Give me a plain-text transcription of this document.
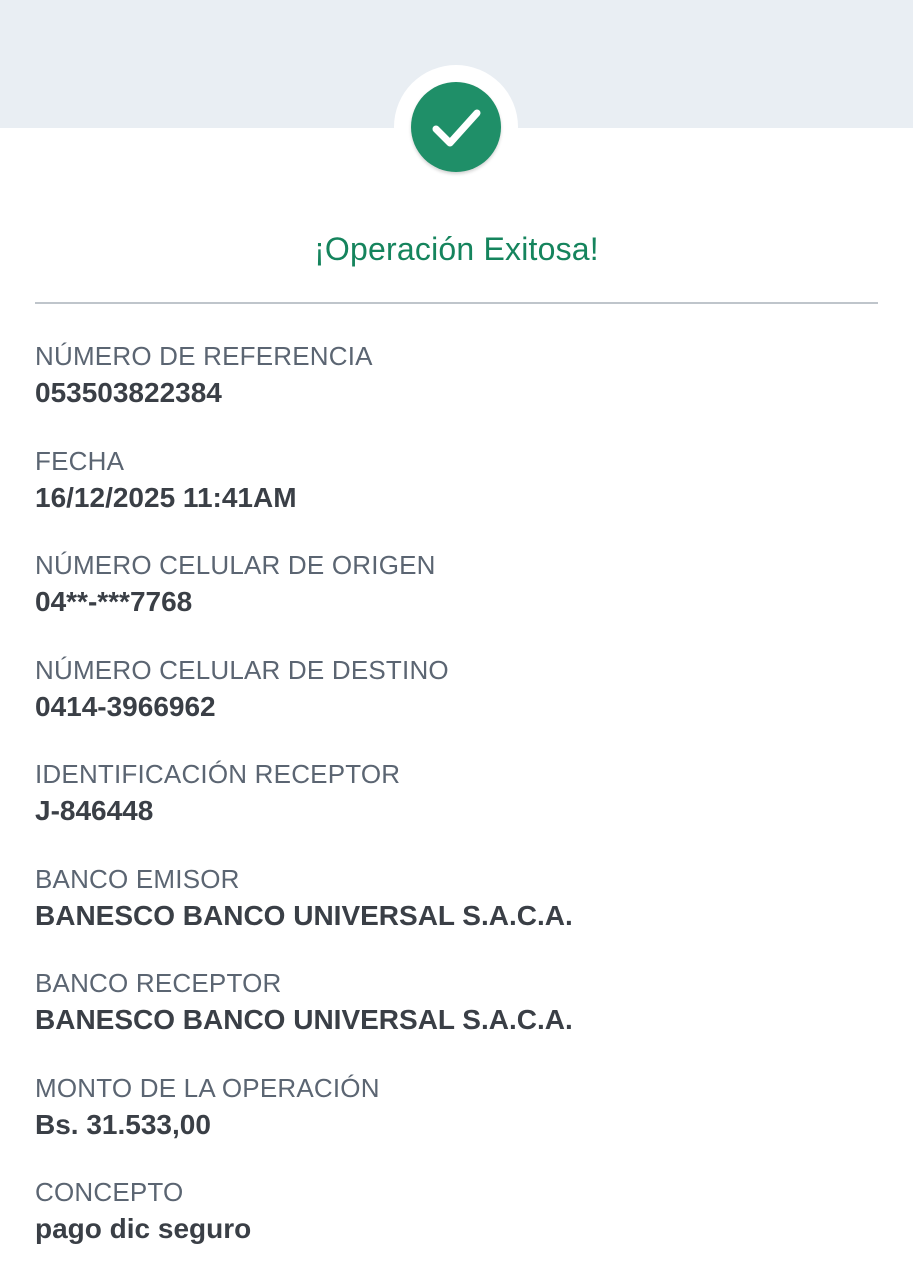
¡Operación Exitosa!
NÚMERO DE REFERENCIA
053503822384
FECHA
16/12/2025 11:41AM
NÚMERO CELULAR DE ORIGEN
04**-***7768
NÚMERO CELULAR DE DESTINO
0414-3966962
IDENTIFICACIÓN RECEPTOR
J-846448
BANCO EMISOR
BANESCO BANCO UNIVERSAL S.A.C.A.
BANCO RECEPTOR
BANESCO BANCO UNIVERSAL S.A.C.A.
MONTO DE LA OPERACIÓN
Bs. 31.533,00
CONCEPTO
pago dic seguro
